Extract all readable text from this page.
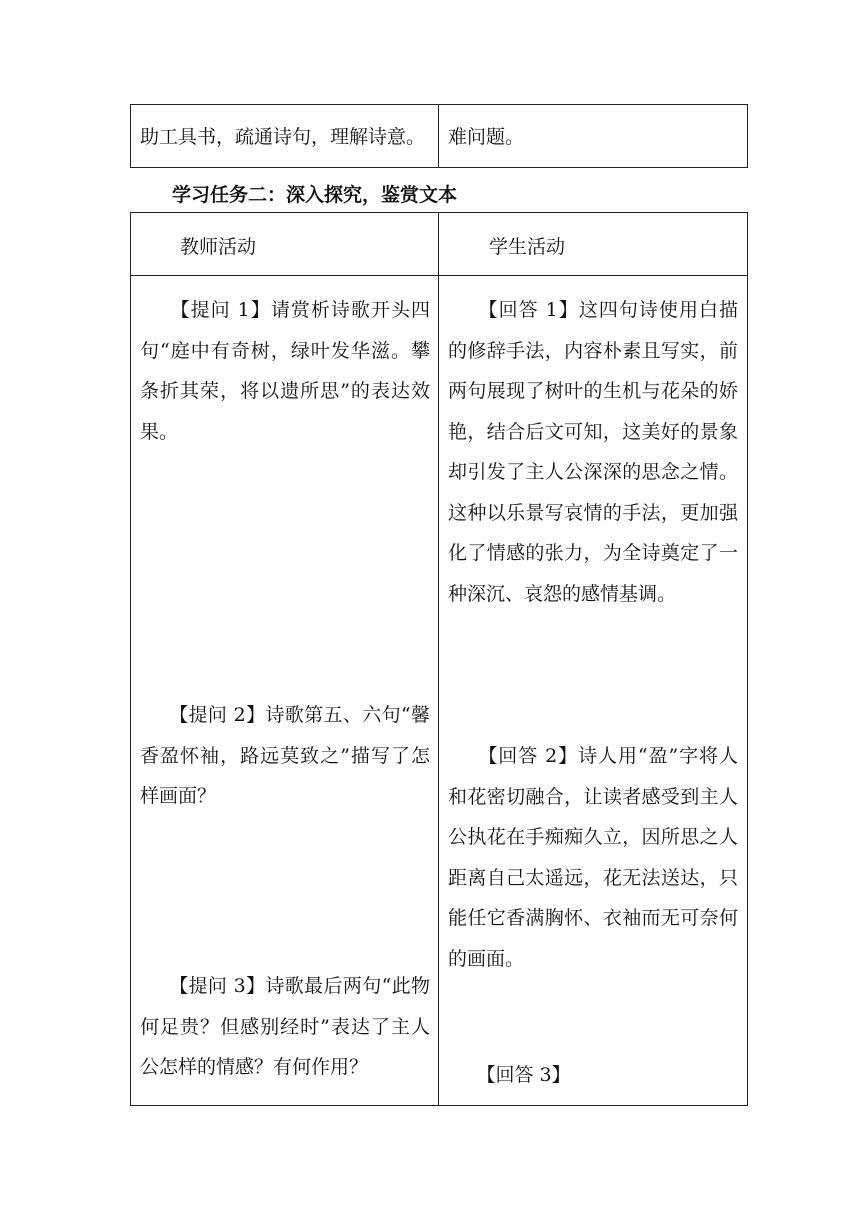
助工具书，疏通诗句，理解诗意。 难问题。
学习任务二：深入探究，鉴赏文本
教师活动	学生活动

　　【提问 1】请赏析诗歌开头四句“庭中有奇树，绿叶发华滋。攀条折其荣，将以遗所思”的表达效果。

　　【提问 2】诗歌第五、六句“馨香盈怀袖，路远莫致之”描写了怎样画面？

　　【提问 3】诗歌最后两句“此物何足贵？但感别经时”表达了主人公怎样的情感？有何作用？

　　【回答 1】这四句诗使用白描的修辞手法，内容朴素且写实，前两句展现了树叶的生机与花朵的娇艳，结合后文可知，这美好的景象却引发了主人公深深的思念之情。这种以乐景写哀情的手法，更加强化了情感的张力，为全诗奠定了一种深沉、哀怨的感情基调。

　　【回答 2】诗人用“盈”字将人和花密切融合，让读者感受到主人公执花在手痴痴久立，因所思之人距离自己太遥远，花无法送达，只能任它香满胸怀、衣袖而无可奈何的画面。

　　【回答 3】
